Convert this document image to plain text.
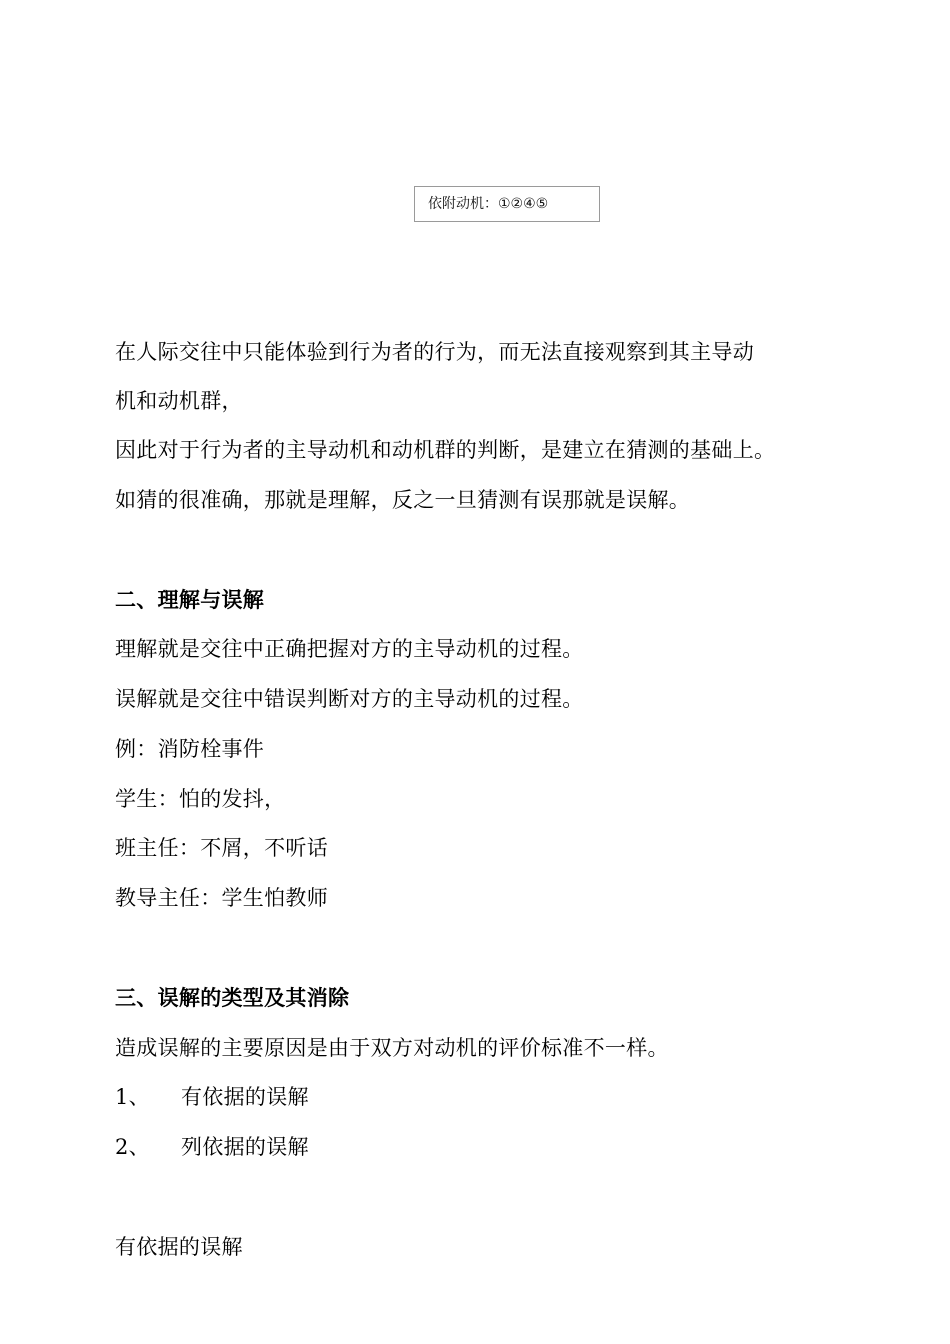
依附动机：①②④⑤
在人际交往中只能体验到行为者的行为，而无法直接观察到其主导动
机和动机群，
因此对于行为者的主导动机和动机群的判断，是建立在猜测的基础上。
如猜的很准确，那就是理解，反之一旦猜测有误那就是误解。
二、理解与误解
理解就是交往中正确把握对方的主导动机的过程。
误解就是交往中错误判断对方的主导动机的过程。
例：消防栓事件
学生：怕的发抖，
班主任：不屑，不听话
教导主任：学生怕教师
三、误解的类型及其消除
造成误解的主要原因是由于双方对动机的评价标准不一样。
1、 有依据的误解
2、 列依据的误解
有依据的误解
